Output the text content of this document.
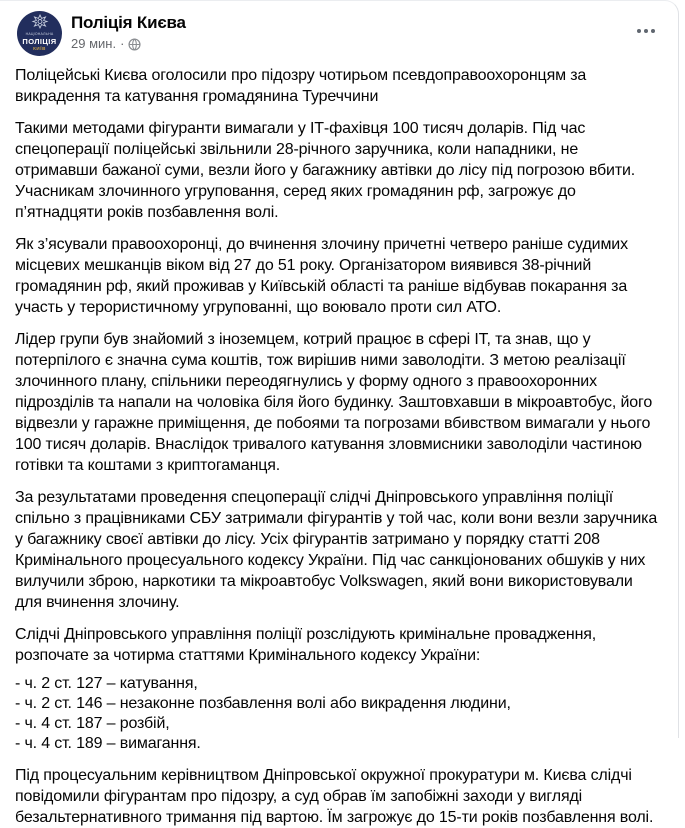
НАЦІОНАЛЬНА
ПОЛІЦІЯ
КИЇВ
Поліція Києва
29 мин. ·

Поліцейські Києва оголосили про підозру чотирьом псевдоправоохоронцям за викрадення та катування громадянина Туреччини

Такими методами фігуранти вимагали у ІТ-фахівця 100 тисяч доларів. Під час спецоперації поліцейські звільнили 28-річного заручника, коли нападники, не отримавши бажаної суми, везли його у багажнику автівки до лісу під погрозою вбити. Учасникам злочинного угруповання, серед яких громадянин рф, загрожує до п’ятнадцяти років позбавлення волі.

Як з’ясували правоохоронці, до вчинення злочину причетні четверо раніше судимих місцевих мешканців віком від 27 до 51 року. Організатором виявився 38-річний громадянин рф, який проживав у Київській області та раніше відбував покарання за участь у терористичному угрупованні, що воювало проти сил АТО.

Лідер групи був знайомий з іноземцем, котрий працює в сфері ІТ, та знав, що у потерпілого є значна сума коштів, тож вирішив ними заволодіти. З метою реалізації злочинного плану, спільники переодягнулись у форму одного з правоохоронних підрозділів та напали на чоловіка біля його будинку. Заштовхавши в мікроавтобус, його відвезли у гаражне приміщення, де побоями та погрозами вбивством вимагали у нього 100 тисяч доларів. Внаслідок тривалого катування зловмисники заволоділи частиною готівки та коштами з криптогаманця.

За результатами проведення спецоперації слідчі Дніпровського управління поліції спільно з працівниками СБУ затримали фігурантів у той час, коли вони везли заручника у багажнику своєї автівки до лісу. Усіх фігурантів затримано у порядку статті 208 Кримінального процесуального кодексу України. Під час санкціонованих обшуків у них вилучили зброю, наркотики та мікроавтобус Volkswagen, який вони використовували для вчинення злочину.

Слідчі Дніпровського управління поліції розслідують кримінальне провадження, розпочате за чотирма статтями Кримінального кодексу України:

- ч. 2 ст. 127 – катування,
- ч. 2 ст. 146 – незаконне позбавлення волі або викрадення людини,
- ч. 4 ст. 187 – розбій,
- ч. 4 ст. 189 – вимагання.

Під процесуальним керівництвом Дніпровської окружної прокуратури м. Києва слідчі повідомили фігурантам про підозру, а суд обрав їм запобіжні заходи у вигляді безальтернативного тримання під вартою. Їм загрожує до 15-ти років позбавлення волі.
